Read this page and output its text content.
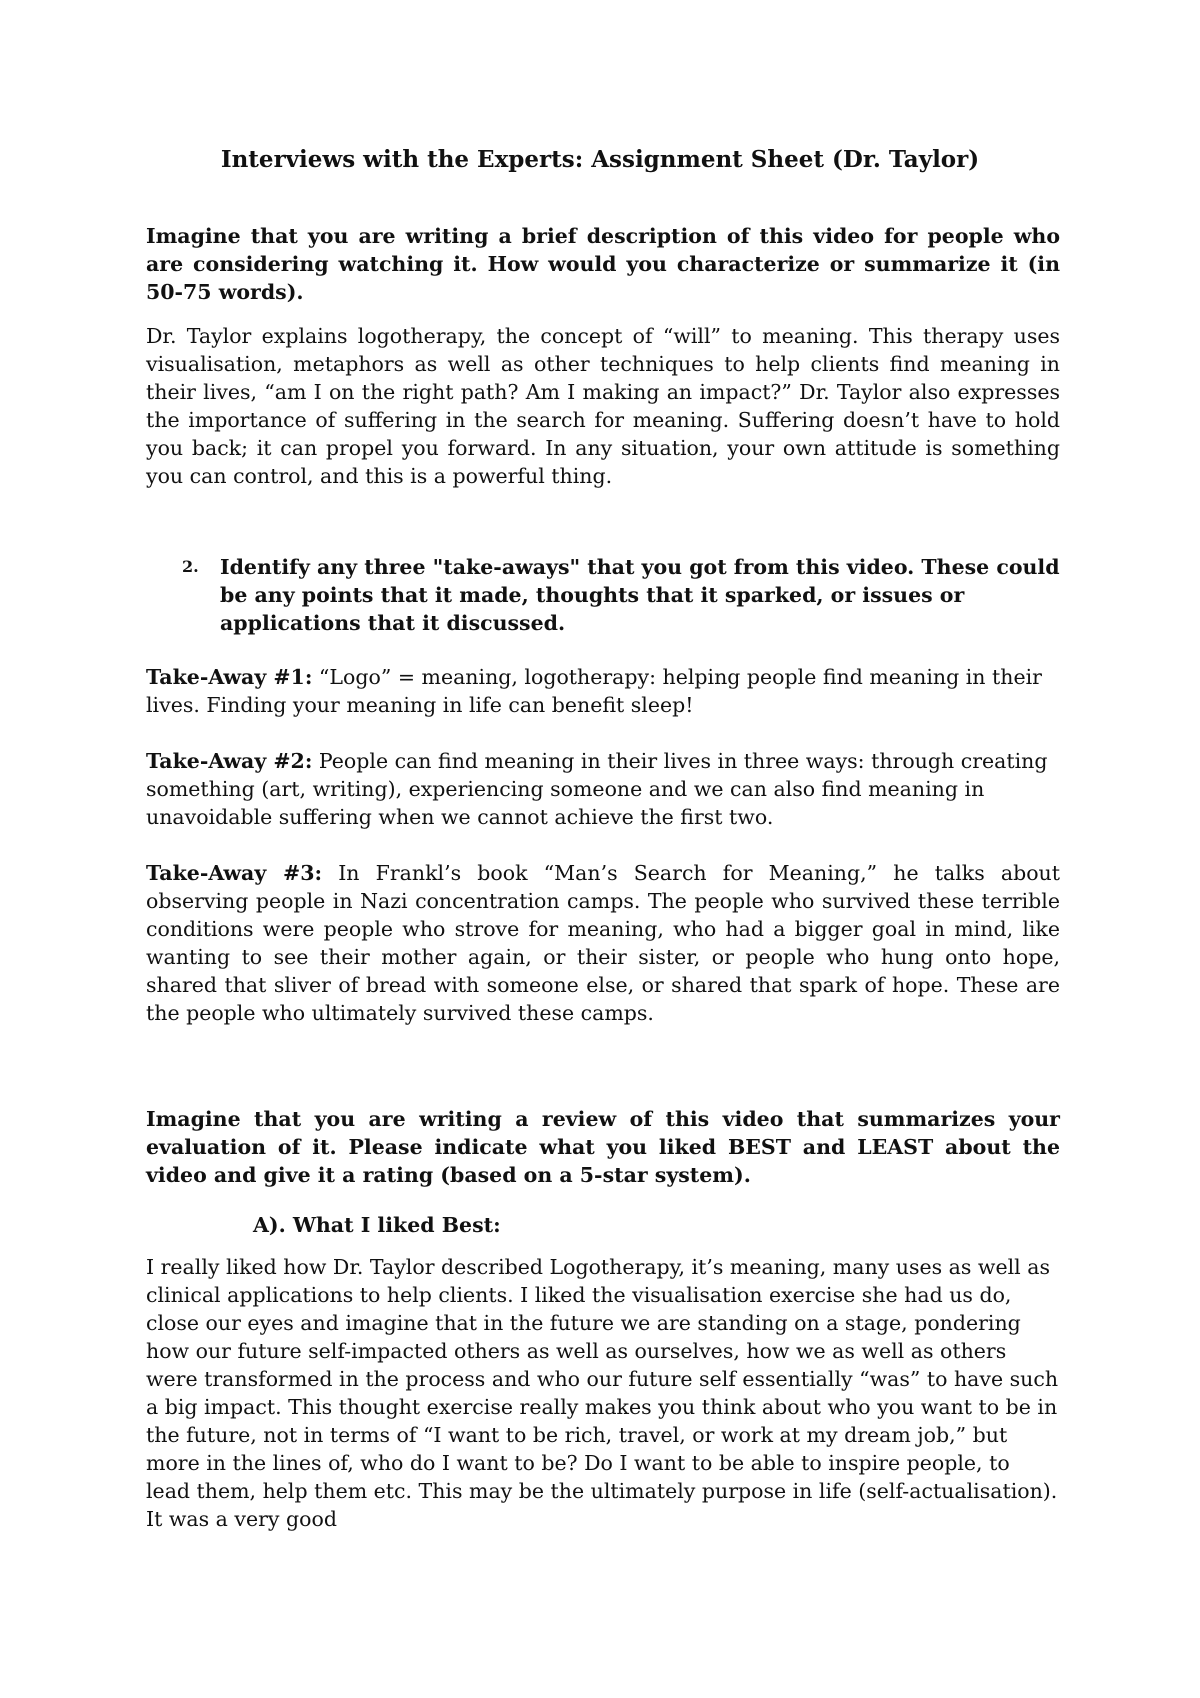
Interviews with the Experts: Assignment Sheet (Dr. Taylor)

Imagine that you are writing a brief description of this video for people who are considering watching it. How would you characterize or summarize it (in 50-75 words).

Dr. Taylor explains logotherapy, the concept of “will” to meaning. This therapy uses visualisation, metaphors as well as other techniques to help clients find meaning in their lives, “am I on the right path? Am I making an impact?” Dr. Taylor also expresses the importance of suffering in the search for meaning. Suffering doesn’t have to hold you back; it can propel you forward. In any situation, your own attitude is something you can control, and this is a powerful thing.

2. Identify any three "take-aways" that you got from this video. These could be any points that it made, thoughts that it sparked, or issues or applications that it discussed.

Take-Away #1: “Logo” = meaning, logotherapy: helping people find meaning in their lives. Finding your meaning in life can benefit sleep!

Take-Away #2: People can find meaning in their lives in three ways: through creating something (art, writing), experiencing someone and we can also find meaning in unavoidable suffering when we cannot achieve the first two.

Take-Away #3: In Frankl’s book “Man’s Search for Meaning,” he talks about observing people in Nazi concentration camps. The people who survived these terrible conditions were people who strove for meaning, who had a bigger goal in mind, like wanting to see their mother again, or their sister, or people who hung onto hope, shared that sliver of bread with someone else, or shared that spark of hope. These are the people who ultimately survived these camps.

Imagine that you are writing a review of this video that summarizes your evaluation of it. Please indicate what you liked BEST and LEAST about the video and give it a rating (based on a 5-star system).

A). What I liked Best:

I really liked how Dr. Taylor described Logotherapy, it’s meaning, many uses as well as clinical applications to help clients. I liked the visualisation exercise she had us do, close our eyes and imagine that in the future we are standing on a stage, pondering how our future self-impacted others as well as ourselves, how we as well as others were transformed in the process and who our future self essentially “was” to have such a big impact. This thought exercise really makes you think about who you want to be in the future, not in terms of “I want to be rich, travel, or work at my dream job,” but more in the lines of, who do I want to be? Do I want to be able to inspire people, to lead them, help them etc. This may be the ultimately purpose in life (self-actualisation). It was a very good
